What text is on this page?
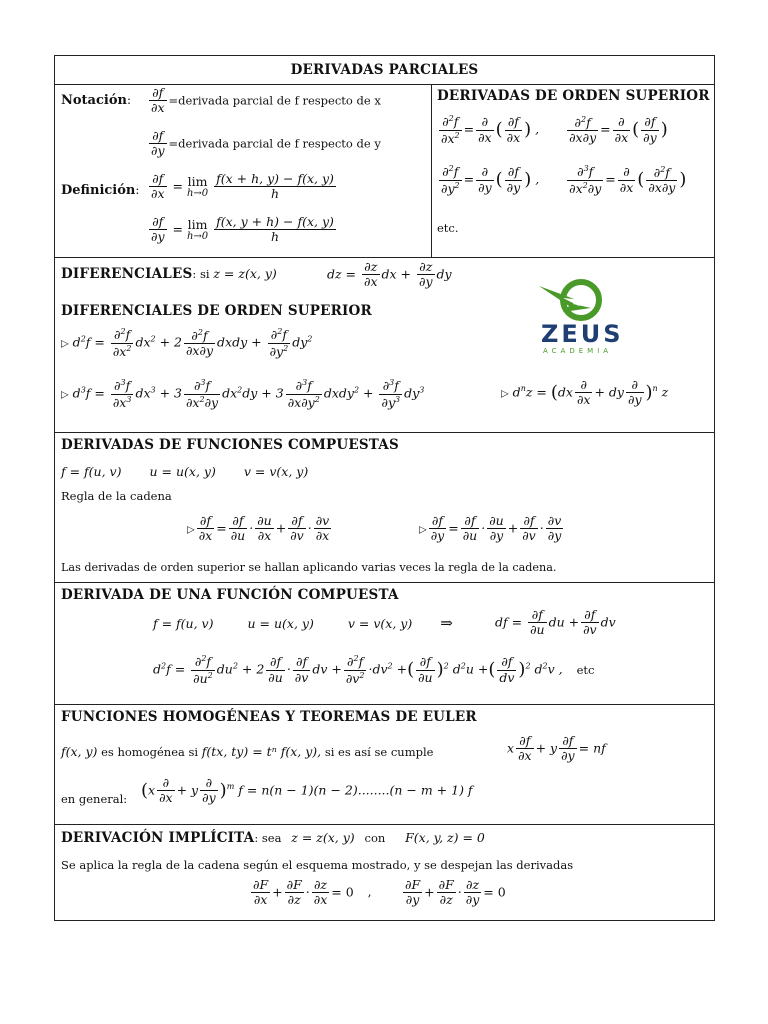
DERIVADAS PARCIALES
Notación: $\frac{\partial f}{\partial x}$ =derivada parcial de f respecto de x
$\frac{\partial f}{\partial y}$ =derivada parcial de f respecto de y
Definición: $\frac{\partial f}{\partial x} = \lim$
h→0
$\frac{f(x + h, y) - f(x, y)}{h}$
$\frac{\partial f}{\partial y} = \lim$
h→0
$\frac{f(x, y + h) - f(x, y)}{h}$
DERIVADAS DE ORDEN SUPERIOR
$\frac{\partial^2f}{\partial x^2} = \frac{\partial}{\partial x}$ ( $\frac{\partial f}{\partial x}$ ) , $\frac{\partial^2f}{\partial x\partial y} = \frac{\partial}{\partial x}$ ( $\frac{\partial f}{\partial y}$ )
$\frac{\partial^2f}{\partial y^2} = \frac{\partial}{\partial y}$ ( $\frac{\partial f}{\partial y}$ ) , $\frac{\partial^3f}{\partial x^2\partial y} = \frac{\partial}{\partial x}$ ( $\frac{\partial^2f}{\partial x\partial y}$ )
etc.
DIFERENCIALES: si z = z(x, y)	dz = $\frac{\partial z}{\partial x}$ dx + $\frac{\partial z}{\partial y}$ dy
DIFERENCIALES DE ORDEN SUPERIOR
▷ $d^2f = \frac{\partial^2f}{\partial x^2} dx^2 + 2 \frac{\partial^2f}{\partial x\partial y}$ dxdy + $\frac{\partial^2f}{\partial y^2} dy^2$
▷ $d^3f = \frac{\partial^3f}{\partial x^3} dx^3 + 3 \frac{\partial^3f}{\partial x^2\partial y} dx^2dy + 3 \frac{\partial^3f}{\partial x\partial y^2}$ dxdy$^2$ + $\frac{\partial^3f}{\partial y^3} dy^3$	▷ $d^nz = (dx \frac{\partial}{\partial x}$ + dy $\frac{\partial}{\partial y} )^n$ z
ZEUS
ACADEMIA
DERIVADAS DE FUNCIONES COMPUESTAS
f = f(u, v) u = u(x, y) v = v(x, y)
Regla de la cadena
▷ $\frac{\partial f}{\partial x} = \frac{\partial f}{\partial u} \cdot \frac{\partial u}{\partial x} + \frac{\partial f}{\partial v} \cdot \frac{\partial v}{\partial x}$	▷ $\frac{\partial f}{\partial y} = \frac{\partial f}{\partial u} \cdot \frac{\partial u}{\partial y} + \frac{\partial f}{\partial v} \cdot \frac{\partial v}{\partial y}$
Las derivadas de orden superior se hallan aplicando varias veces la regla de la cadena.
DERIVADA DE UNA FUNCIÓN COMPUESTA
f = f(u, v)	u = u(x, y)	v = v(x, y) ⇒	df = $\frac{\partial f}{\partial u}$ du + $\frac{\partial f}{\partial v}$ dv
$d^2f = \frac{\partial^2f}{\partial u^2} du^2 + 2 \frac{\partial f}{\partial u} \cdot \frac{\partial f}{\partial v}$ dv + $\frac{\partial^2f}{\partial v^2} \cdot dv^2$ +( $\frac{\partial f}{\partial u} )^2$ $d^2u$ +( $\frac{\partial f}{dv} )^2$ $d^2v$ , etc
FUNCIONES HOMOGÉNEAS Y TEOREMAS DE EULER
f(x, y) es homogénea si f(tx, ty) = tⁿ f(x, y), si es así se cumple	x $\frac{\partial f}{\partial x} + y \frac{\partial f}{\partial y}$ = nf
en general: $(x \frac{\partial}{\partial x} + y \frac{\partial}{\partial y} )^m$ f = n(n − 1)(n − 2)........(n − m + 1) f
DERIVACIÓN IMPLÍCITA: sea z = z(x, y) con F(x, y, z) = 0
Se aplica la regla de la cadena según el esquema mostrado, y se despejan las derivadas
$\frac{\partial F}{\partial x} + \frac{\partial F}{\partial z} \cdot \frac{\partial z}{\partial x} = 0$ ,	$\frac{\partial F}{\partial y} + \frac{\partial F}{\partial z} \cdot \frac{\partial z}{\partial y} = 0$
